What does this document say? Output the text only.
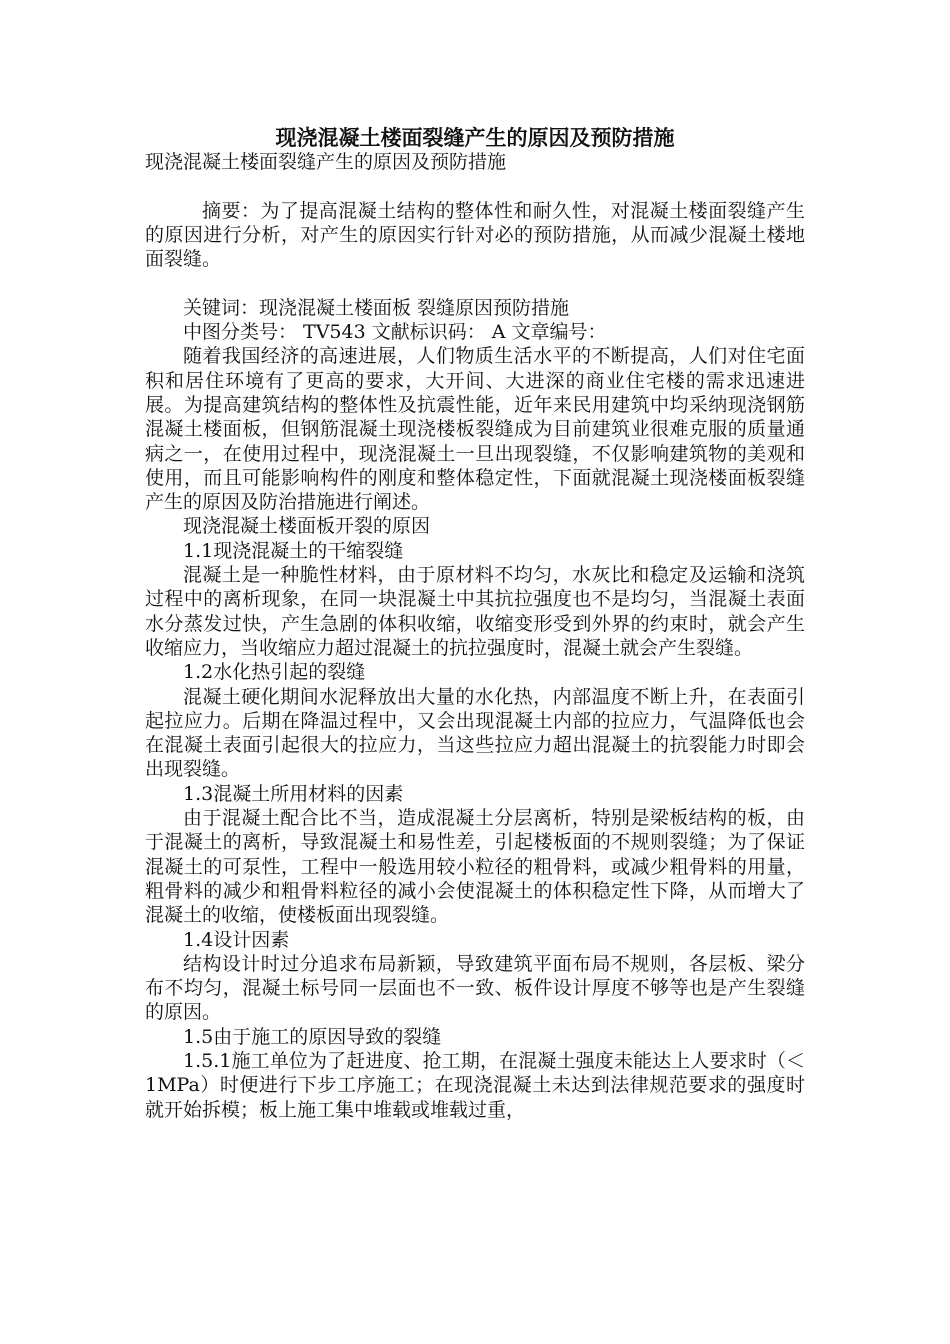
现浇混凝土楼面裂缝产生的原因及预防措施

现浇混凝土楼面裂缝产生的原因及预防措施

摘要：为了提高混凝土结构的整体性和耐久性，对混凝土楼面裂缝产生的原因进行分析，对产生的原因实行针对必的预防措施，从而减少混凝土楼地面裂缝。

关键词：现浇混凝土楼面板 裂缝原因预防措施

中图分类号： TV543 文献标识码： A 文章编号：

随着我国经济的高速进展，人们物质生活水平的不断提高，人们对住宅面积和居住环境有了更高的要求，大开间、大进深的商业住宅楼的需求迅速进展。为提高建筑结构的整体性及抗震性能，近年来民用建筑中均采纳现浇钢筋混凝土楼面板，但钢筋混凝土现浇楼板裂缝成为目前建筑业很难克服的质量通病之一，在使用过程中，现浇混凝土一旦出现裂缝，不仅影响建筑物的美观和使用，而且可能影响构件的刚度和整体稳定性，下面就混凝土现浇楼面板裂缝产生的原因及防治措施进行阐述。

现浇混凝土楼面板开裂的原因

1.1现浇混凝土的干缩裂缝

混凝土是一种脆性材料，由于原材料不均匀，水灰比和稳定及运输和浇筑过程中的离析现象，在同一块混凝土中其抗拉强度也不是均匀，当混凝土表面水分蒸发过快，产生急剧的体积收缩，收缩变形受到外界的约束时，就会产生收缩应力，当收缩应力超过混凝土的抗拉强度时，混凝土就会产生裂缝。

1.2水化热引起的裂缝

混凝土硬化期间水泥释放出大量的水化热，内部温度不断上升，在表面引起拉应力。后期在降温过程中，又会出现混凝土内部的拉应力，气温降低也会在混凝土表面引起很大的拉应力，当这些拉应力超出混凝土的抗裂能力时即会出现裂缝。

1.3混凝土所用材料的因素

由于混凝土配合比不当，造成混凝土分层离析，特别是梁板结构的板，由于混凝土的离析，导致混凝土和易性差，引起楼板面的不规则裂缝；为了保证混凝土的可泵性，工程中一般选用较小粒径的粗骨料，或减少粗骨料的用量，粗骨料的减少和粗骨料粒径的减小会使混凝土的体积稳定性下降，从而增大了混凝土的收缩，使楼板面出现裂缝。

1.4设计因素

结构设计时过分追求布局新颖，导致建筑平面布局不规则，各层板、梁分布不均匀，混凝土标号同一层面也不一致、板件设计厚度不够等也是产生裂缝的原因。

1.5由于施工的原因导致的裂缝

1.5.1施工单位为了赶进度、抢工期，在混凝土强度未能达上人要求时（＜1MPa）时便进行下步工序施工；在现浇混凝土未达到法律规范要求的强度时就开始拆模；板上施工集中堆载或堆载过重，
